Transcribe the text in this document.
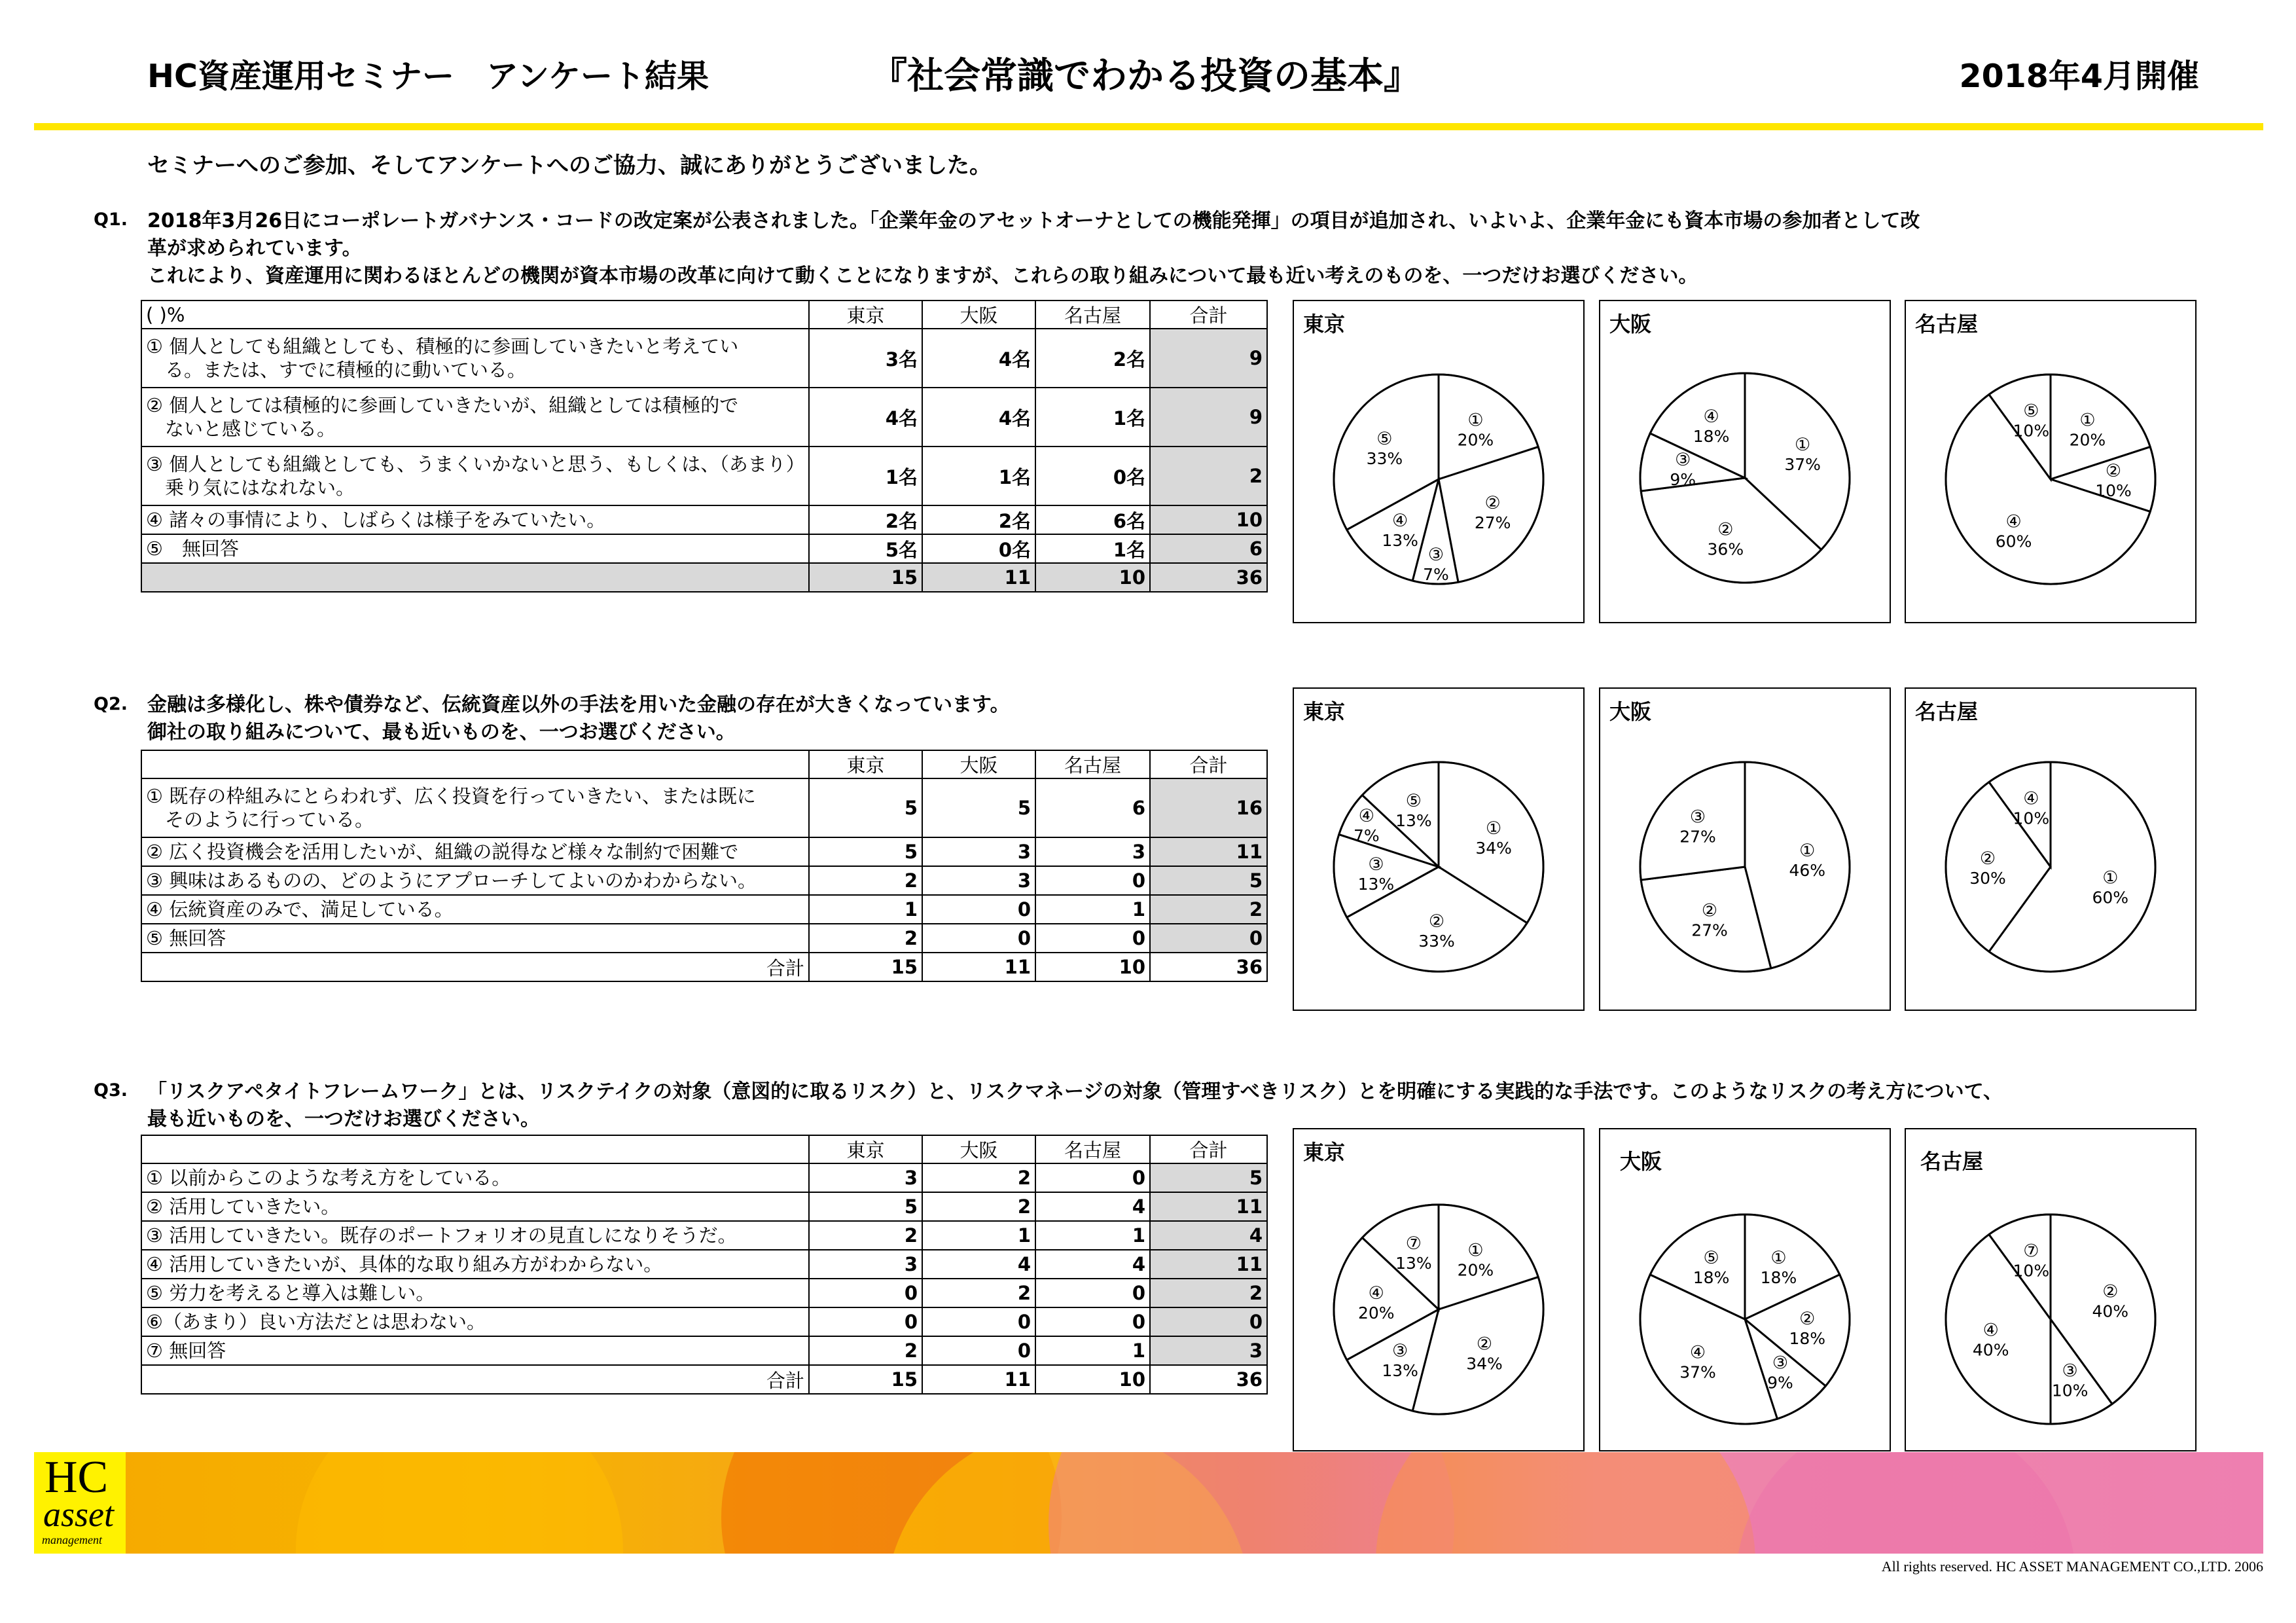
HC資産運用セミナー　アンケート結果	『社会常識でわかる投資の基本』	2018年4月開催
セミナーへのご参加、そしてアンケートへのご協力、誠にありがとうございました。
Q1. 2018年3月26日にコーポレートガバナンス・コードの改定案が公表されました。「企業年金のアセットオーナとしての機能発揮」の項目が追加され、いよいよ、企業年金にも資本市場の参加者として改
革が求められています。
これにより、資産運用に関わるほとんどの機関が資本市場の改革に向けて動くことになりますが、これらの取り組みについて最も近い考えのものを、一つだけお選びください。
( )%	東京	大阪	名古屋	合計

① 個人としても組織としても、積極的に参画していきたいと考えてい
　る。または、すでに積極的に動いている。	3名	4名	2名	9

② 個人としては積極的に参画していきたいが、組織としては積極的で
　ないと感じている。	4名	4名	1名	9

③ 個人としても組織としても、うまくいかないと思う、もしくは、（あまり）
　乗り気にはなれない。	1名	1名	0名	2
④ 諸々の事情により、しばらくは様子をみていたい。	2名	2名	6名	10
⑤　無回答	5名	0名	1名	6
	15	11	10	36
Q2. 金融は多様化し、株や債券など、伝統資産以外の手法を用いた金融の存在が大きくなっています。
御社の取り組みについて、最も近いものを、一つお選びください。
	東京	大阪	名古屋	合計

① 既存の枠組みにとらわれず、広く投資を行っていきたい、または既に
　そのように行っている。	5	5	6	16
② 広く投資機会を活用したいが、組織の説得など様々な制約で困難で	5	3	3	11
③ 興味はあるものの、どのようにアプローチしてよいのかわからない。	2	3	0	5
④ 伝統資産のみで、満足している。	1	0	1	2
⑤ 無回答	2	0	0	0
合計	15	11	10	36
Q3. 「リスクアペタイトフレームワーク」とは、リスクテイクの対象（意図的に取るリスク）と、リスクマネージの対象（管理すべきリスク）とを明確にする実践的な手法です。このようなリスクの考え方について、
最も近いものを、一つだけお選びください。
	東京	大阪	名古屋	合計
① 以前からこのような考え方をしている。	3	2	0	5
② 活用していきたい。	5	2	4	11
③ 活用していきたい。既存のポートフォリオの見直しになりそうだ。	2	1	1	4
④ 活用していきたいが、具体的な取り組み方がわからない。	3	4	4	11
⑤ 労力を考えると導入は難しい。	0	2	0	2
⑥（あまり）良い方法だとは思わない。	0	0	0	0
⑦ 無回答	2	0	1	3
合計	15	11	10	36
東京
①
20%
②
27%
③
7%
④
13%
⑤
33%
大阪
①
37%
②
36%
③
9%
④
18%
名古屋
①
20%
②
10%
④
60%
⑤
10%
東京
①
34%
②
33%
③
13%
④
7%
⑤
13%
大阪
①
46%
②
27%
③
27%
名古屋
①
60%
②
30%
④
10%
東京
①
20%
②
34%
③
13%
④
20%
⑦
13%
大阪
①
18%
②
18%
③
9%
④
37%
⑤
18%
名古屋
②
40%
③
10%
④
40%
⑦
10%
HC
asset
management
All rights reserved. HC ASSET MANAGEMENT CO.,LTD. 2006
